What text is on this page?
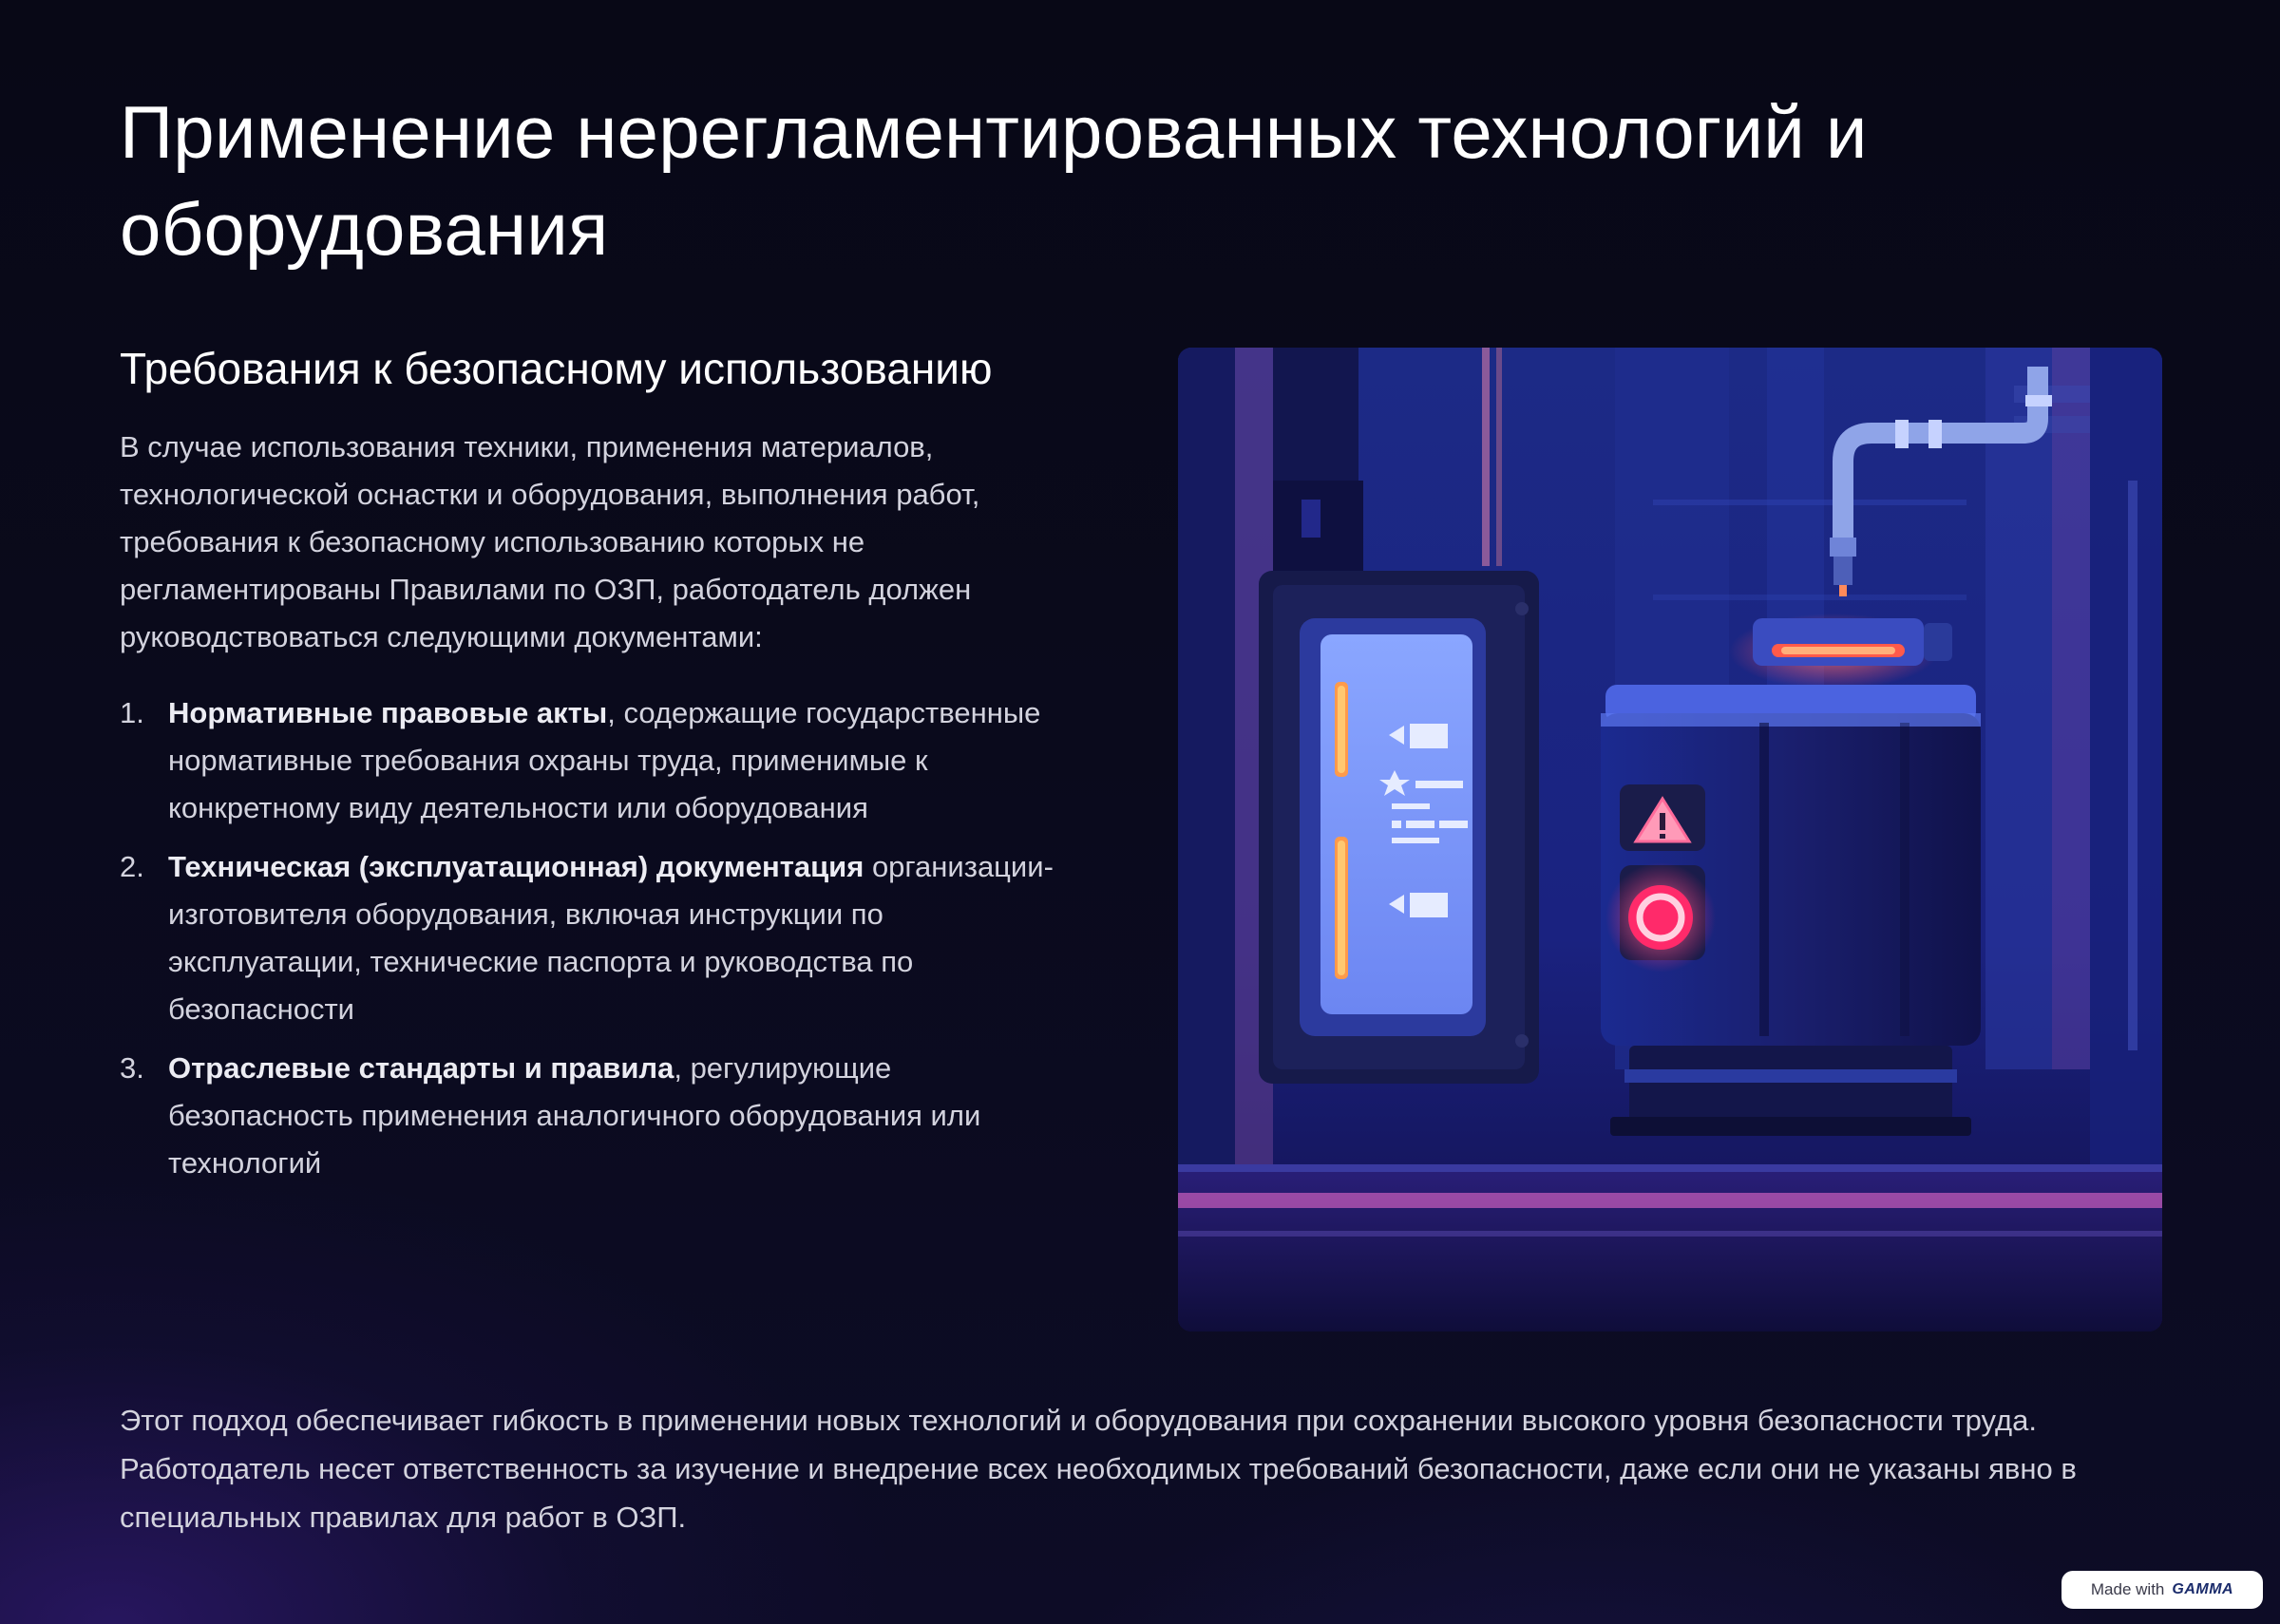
Применение нерегламентированных технологий и оборудования
Требования к безопасному использованию

В случае использования техники, применения материалов, технологической оснастки и оборудования, выполнения работ, требования к безопасному использованию которых не регламентированы Правилами по ОЗП, работодатель должен руководствоваться следующими документами:

1. Нормативные правовые акты, содержащие государственные нормативные требования охраны труда, применимые к конкретному виду деятельности или оборудования
2. Техническая (эксплуатационная) документация организации-изготовителя оборудования, включая инструкции по эксплуатации, технические паспорта и руководства по безопасности
3. Отраслевые стандарты и правила, регулирующие безопасность применения аналогичного оборудования или технологий

Этот подход обеспечивает гибкость в применении новых технологий и оборудования при сохранении высокого уровня безопасности труда. Работодатель несет ответственность за изучение и внедрение всех необходимых требований безопасности, даже если они не указаны явно в специальных правилах для работ в ОЗП.

Made with GAMMA
